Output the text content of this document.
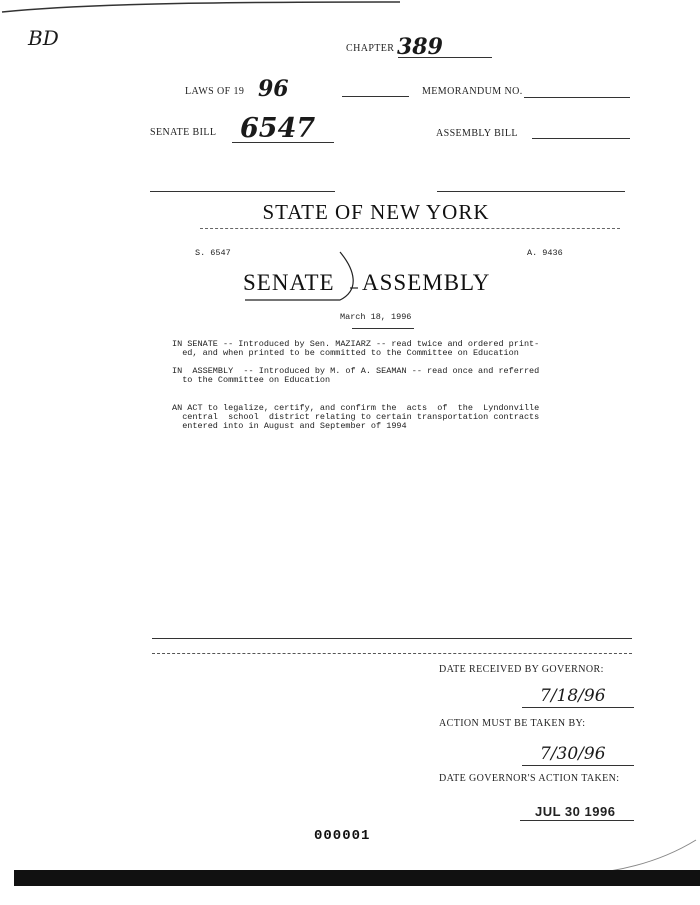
BD	CHAPTER 389
LAWS OF 19 96	MEMORANDUM NO.
SENATE BILL 6547	ASSEMBLY BILL
STATE OF NEW YORK
S. 6547	A. 9436
SENATE ASSEMBLY
March 18, 1996
IN SENATE -- Introduced by Sen. MAZIARZ -- read twice and ordered print-
ed, and when printed to be committed to the Committee on Education
IN  ASSEMBLY  -- Introduced by M. of A. SEAMAN -- read once and referred
to the Committee on Education
AN ACT to legalize, certify, and confirm the  acts  of  the  Lyndonville
central  school  district relating to certain transportation contracts
entered into in August and September of 1994
DATE RECEIVED BY GOVERNOR:
7/18/96
ACTION MUST BE TAKEN BY:
7/30/96
DATE GOVERNOR'S ACTION TAKEN:
JUL 30 1996
000001
